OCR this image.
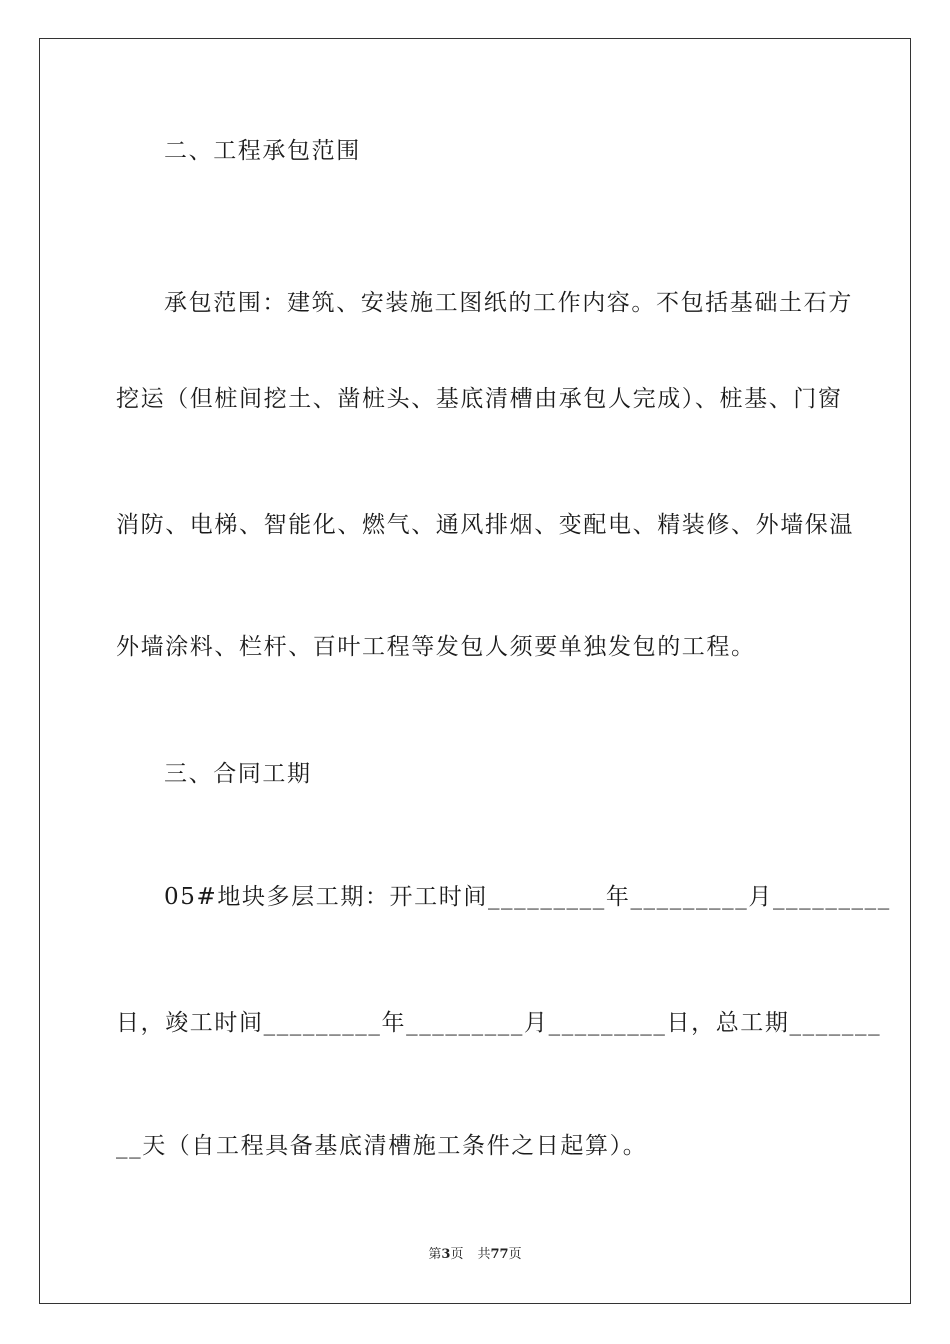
二、工程承包范围
承包范围：建筑、安装施工图纸的工作内容。不包括基础土石方
挖运（但桩间挖土、凿桩头、基底清槽由承包人完成）、桩基、门窗
消防、电梯、智能化、燃气、通风排烟、变配电、精装修、外墙保温
外墙涂料、栏杆、百叶工程等发包人须要单独发包的工程。
三、合同工期
05#地块多层工期：开工时间_________年_________月_________
日，竣工时间_________年_________月_________日，总工期_______
__天（自工程具备基底清槽施工条件之日起算）。
第3页 共77页
